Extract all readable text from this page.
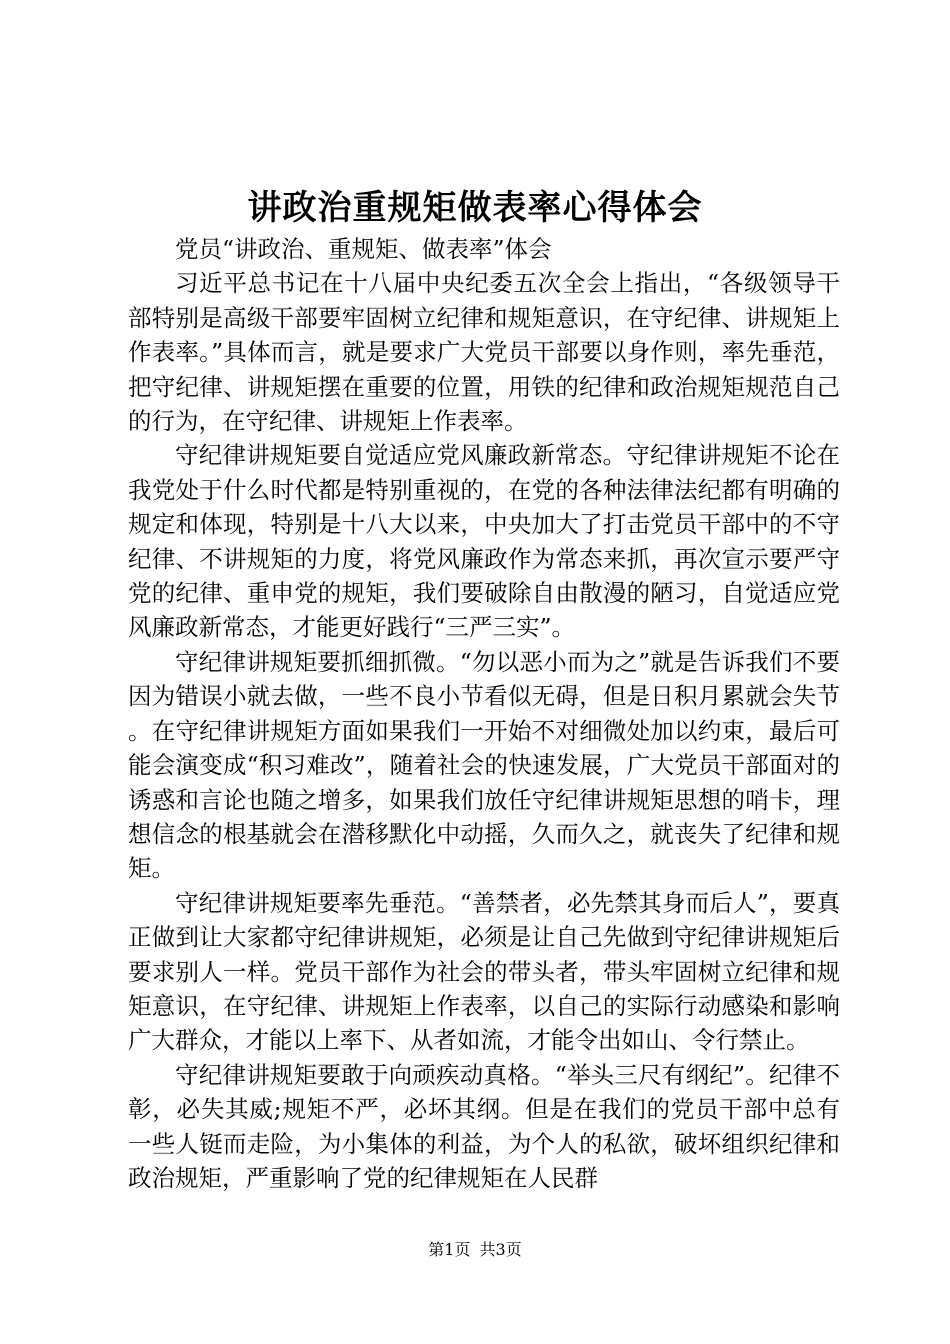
讲政治重规矩做表率心得体会

党员“讲政治、重规矩、做表率”体会

习近平总书记在十八届中央纪委五次全会上指出，“各级领导干部特别是高级干部要牢固树立纪律和规矩意识，在守纪律、讲规矩上作表率。”具体而言，就是要求广大党员干部要以身作则，率先垂范，把守纪律、讲规矩摆在重要的位置，用铁的纪律和政治规矩规范自己的行为，在守纪律、讲规矩上作表率。

守纪律讲规矩要自觉适应党风廉政新常态。守纪律讲规矩不论在我党处于什么时代都是特别重视的，在党的各种法律法纪都有明确的规定和体现，特别是十八大以来，中央加大了打击党员干部中的不守纪律、不讲规矩的力度，将党风廉政作为常态来抓，再次宣示要严守党的纪律、重申党的规矩，我们要破除自由散漫的陋习，自觉适应党风廉政新常态，才能更好践行“三严三实”。

守纪律讲规矩要抓细抓微。“勿以恶小而为之”就是告诉我们不要因为错误小就去做，一些不良小节看似无碍，但是日积月累就会失节。在守纪律讲规矩方面如果我们一开始不对细微处加以约束，最后可能会演变成“积习难改”，随着社会的快速发展，广大党员干部面对的诱惑和言论也随之增多，如果我们放任守纪律讲规矩思想的哨卡，理想信念的根基就会在潜移默化中动摇，久而久之，就丧失了纪律和规矩。

守纪律讲规矩要率先垂范。“善禁者，必先禁其身而后人”，要真正做到让大家都守纪律讲规矩，必须是让自己先做到守纪律讲规矩后要求别人一样。党员干部作为社会的带头者，带头牢固树立纪律和规矩意识，在守纪律、讲规矩上作表率，以自己的实际行动感染和影响广大群众，才能以上率下、从者如流，才能令出如山、令行禁止。

守纪律讲规矩要敢于向顽疾动真格。“举头三尺有纲纪”。纪律不彰，必失其威;规矩不严，必坏其纲。但是在我们的党员干部中总有一些人铤而走险，为小集体的利益，为个人的私欲，破坏组织纪律和政治规矩，严重影响了党的纪律规矩在人民群

第1页 共3页
